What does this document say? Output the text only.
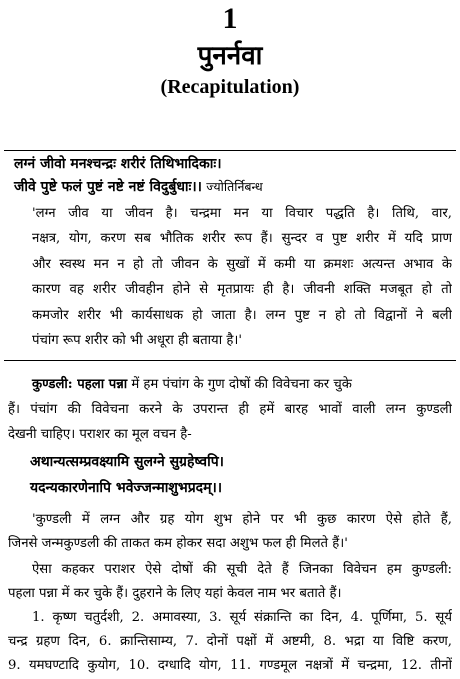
1
पुनर्नवा
(Recapitulation)
लग्नं जीवो मनश्चन्द्रः शरीरं तिथिभादिकाः।
जीवे पुष्टे फलं पुष्टं नष्टे नष्टं विदुर्बुधाः।। ज्योतिर्निबन्ध
'लग्न जीव या जीवन है। चन्द्रमा मन या विचार पद्धति है। तिथि, वार,
नक्षत्र, योग, करण सब भौतिक शरीर रूप हैं। सुन्दर व पुष्ट शरीर में यदि प्राण
और स्वस्थ मन न हो तो जीवन के सुखों में कमी या क्रमशः अत्यन्त अभाव के
कारण वह शरीर जीवहीन होने से मृतप्रायः ही है। जीवनी शक्ति मजबूत हो तो
कमजोर शरीर भी कार्यसाधक हो जाता है। लग्न पुष्ट न हो तो विद्वानों ने बली
पंचांग रूप शरीर को भी अधूरा ही बताया है।'
कुण्डली: पहला पन्ना में हम पंचांग के गुण दोषों की विवेचना कर चुके
हैं। पंचांग की विवेचना करने के उपरान्त ही हमें बारह भावों वाली लग्न कुण्डली
देखनी चाहिए। पराशर का मूल वचन है-
अथान्यत्सम्प्रवक्ष्यामि सुलग्ने सुग्रहेष्वपि।
यदन्यकारणेनापि भवेज्जन्माशुभप्रदम्।।
'कुण्डली में लग्न और ग्रह योग शुभ होने पर भी कुछ कारण ऐसे होते हैं,
जिनसे जन्मकुण्डली की ताकत कम होकर सदा अशुभ फल ही मिलते हैं।'
ऐसा कहकर पराशर ऐसे दोषों की सूची देते हैं जिनका विवेचन हम कुण्डली:
पहला पन्ना में कर चुके हैं। दुहराने के लिए यहां केवल नाम भर बताते हैं।
1. कृष्ण चतुर्दशी, 2. अमावस्या, 3. सूर्य संक्रान्ति का दिन, 4. पूर्णिमा, 5. सूर्य
चन्द्र ग्रहण दिन, 6. क्रान्तिसाम्य, 7. दोनों पक्षों में अष्टमी, 8. भद्रा या विष्टि करण,
9. यमघण्टादि कुयोग, 10. दग्धादि योग, 11. गण्डमूल नक्षत्रों में चन्द्रमा, 12. तीनों
